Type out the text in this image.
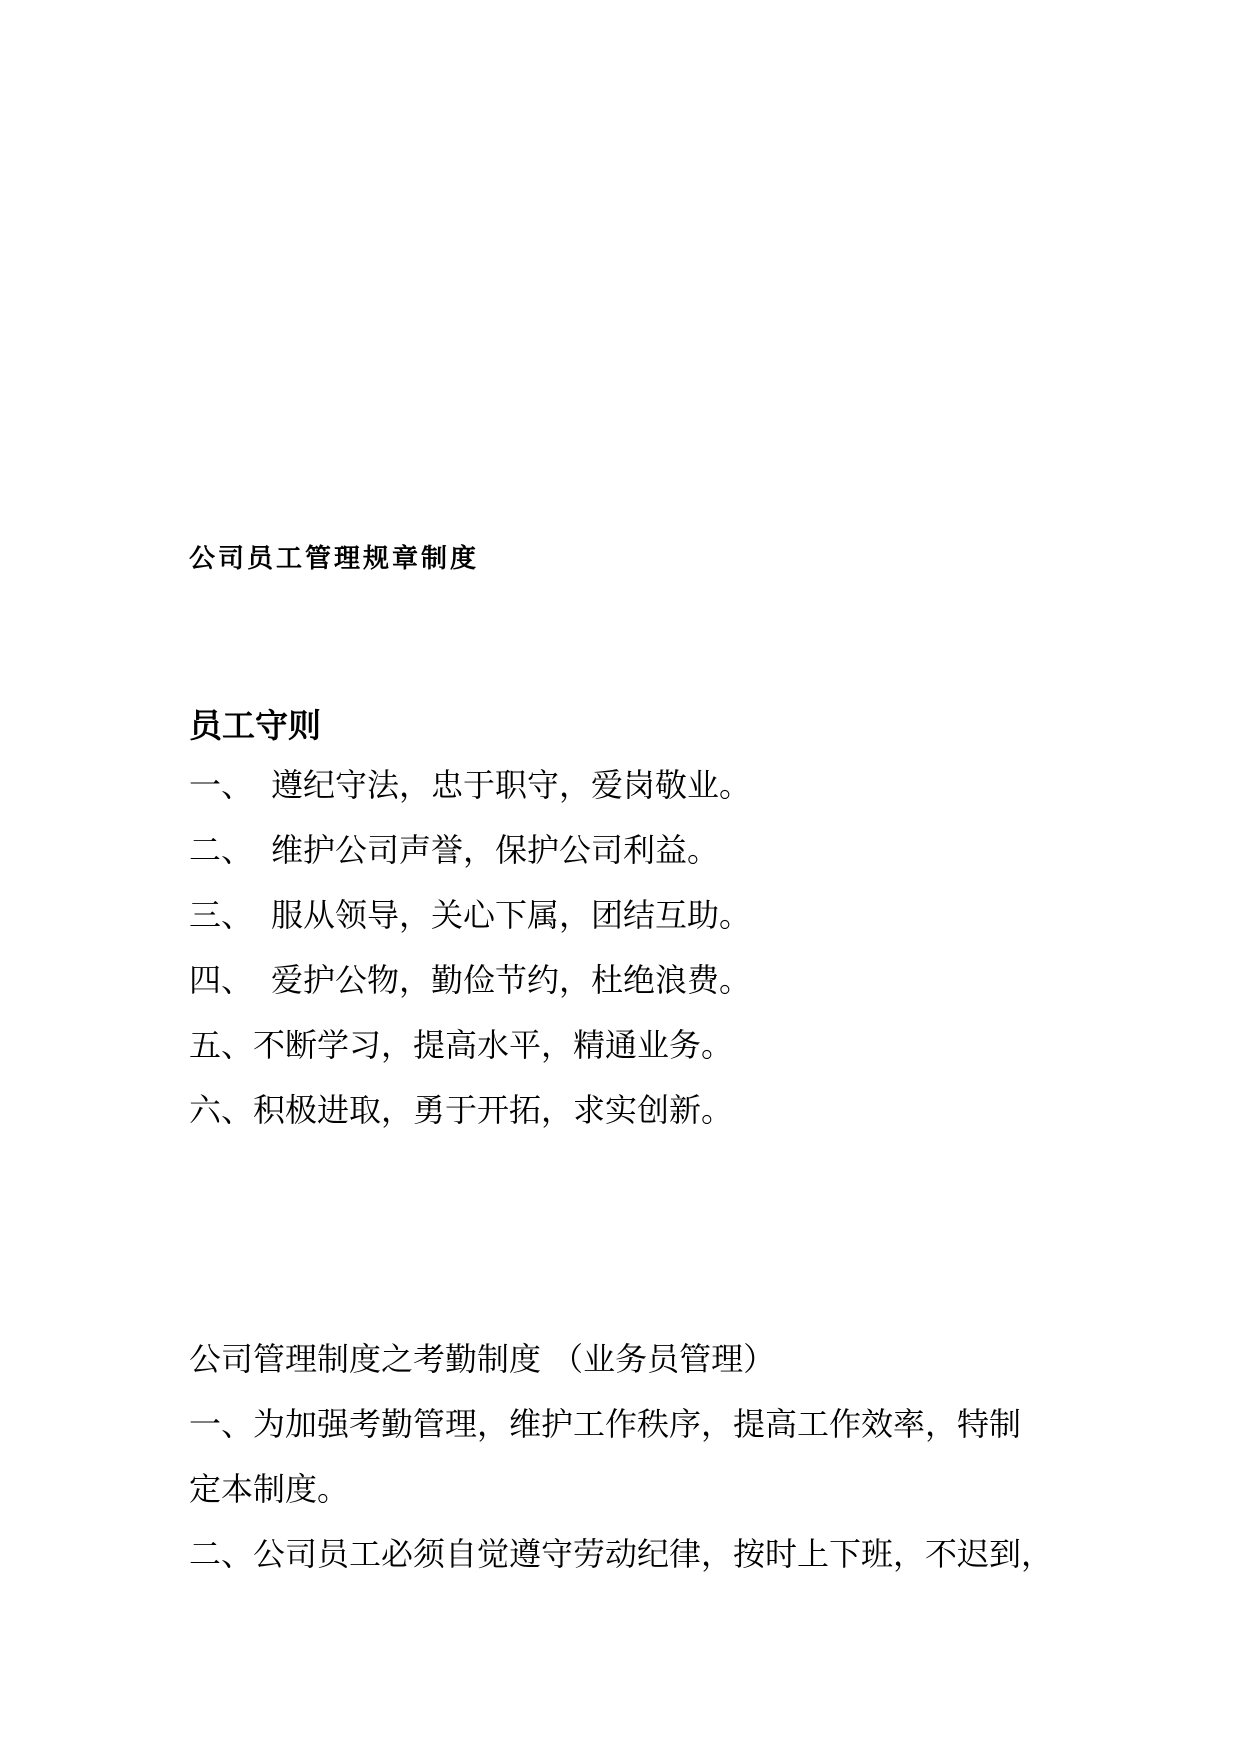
公司员工管理规章制度
员工守则
一、 遵纪守法，忠于职守，爱岗敬业。
二、 维护公司声誉，保护公司利益。
三、 服从领导，关心下属，团结互助。
四、 爱护公物，勤俭节约，杜绝浪费。
五、不断学习，提高水平，精通业务。
六、积极进取，勇于开拓，求实创新。
公司管理制度之考勤制度 （业务员管理）
一、为加强考勤管理，维护工作秩序，提高工作效率，特制
定本制度。
二、公司员工必须自觉遵守劳动纪律，按时上下班，不迟到，
